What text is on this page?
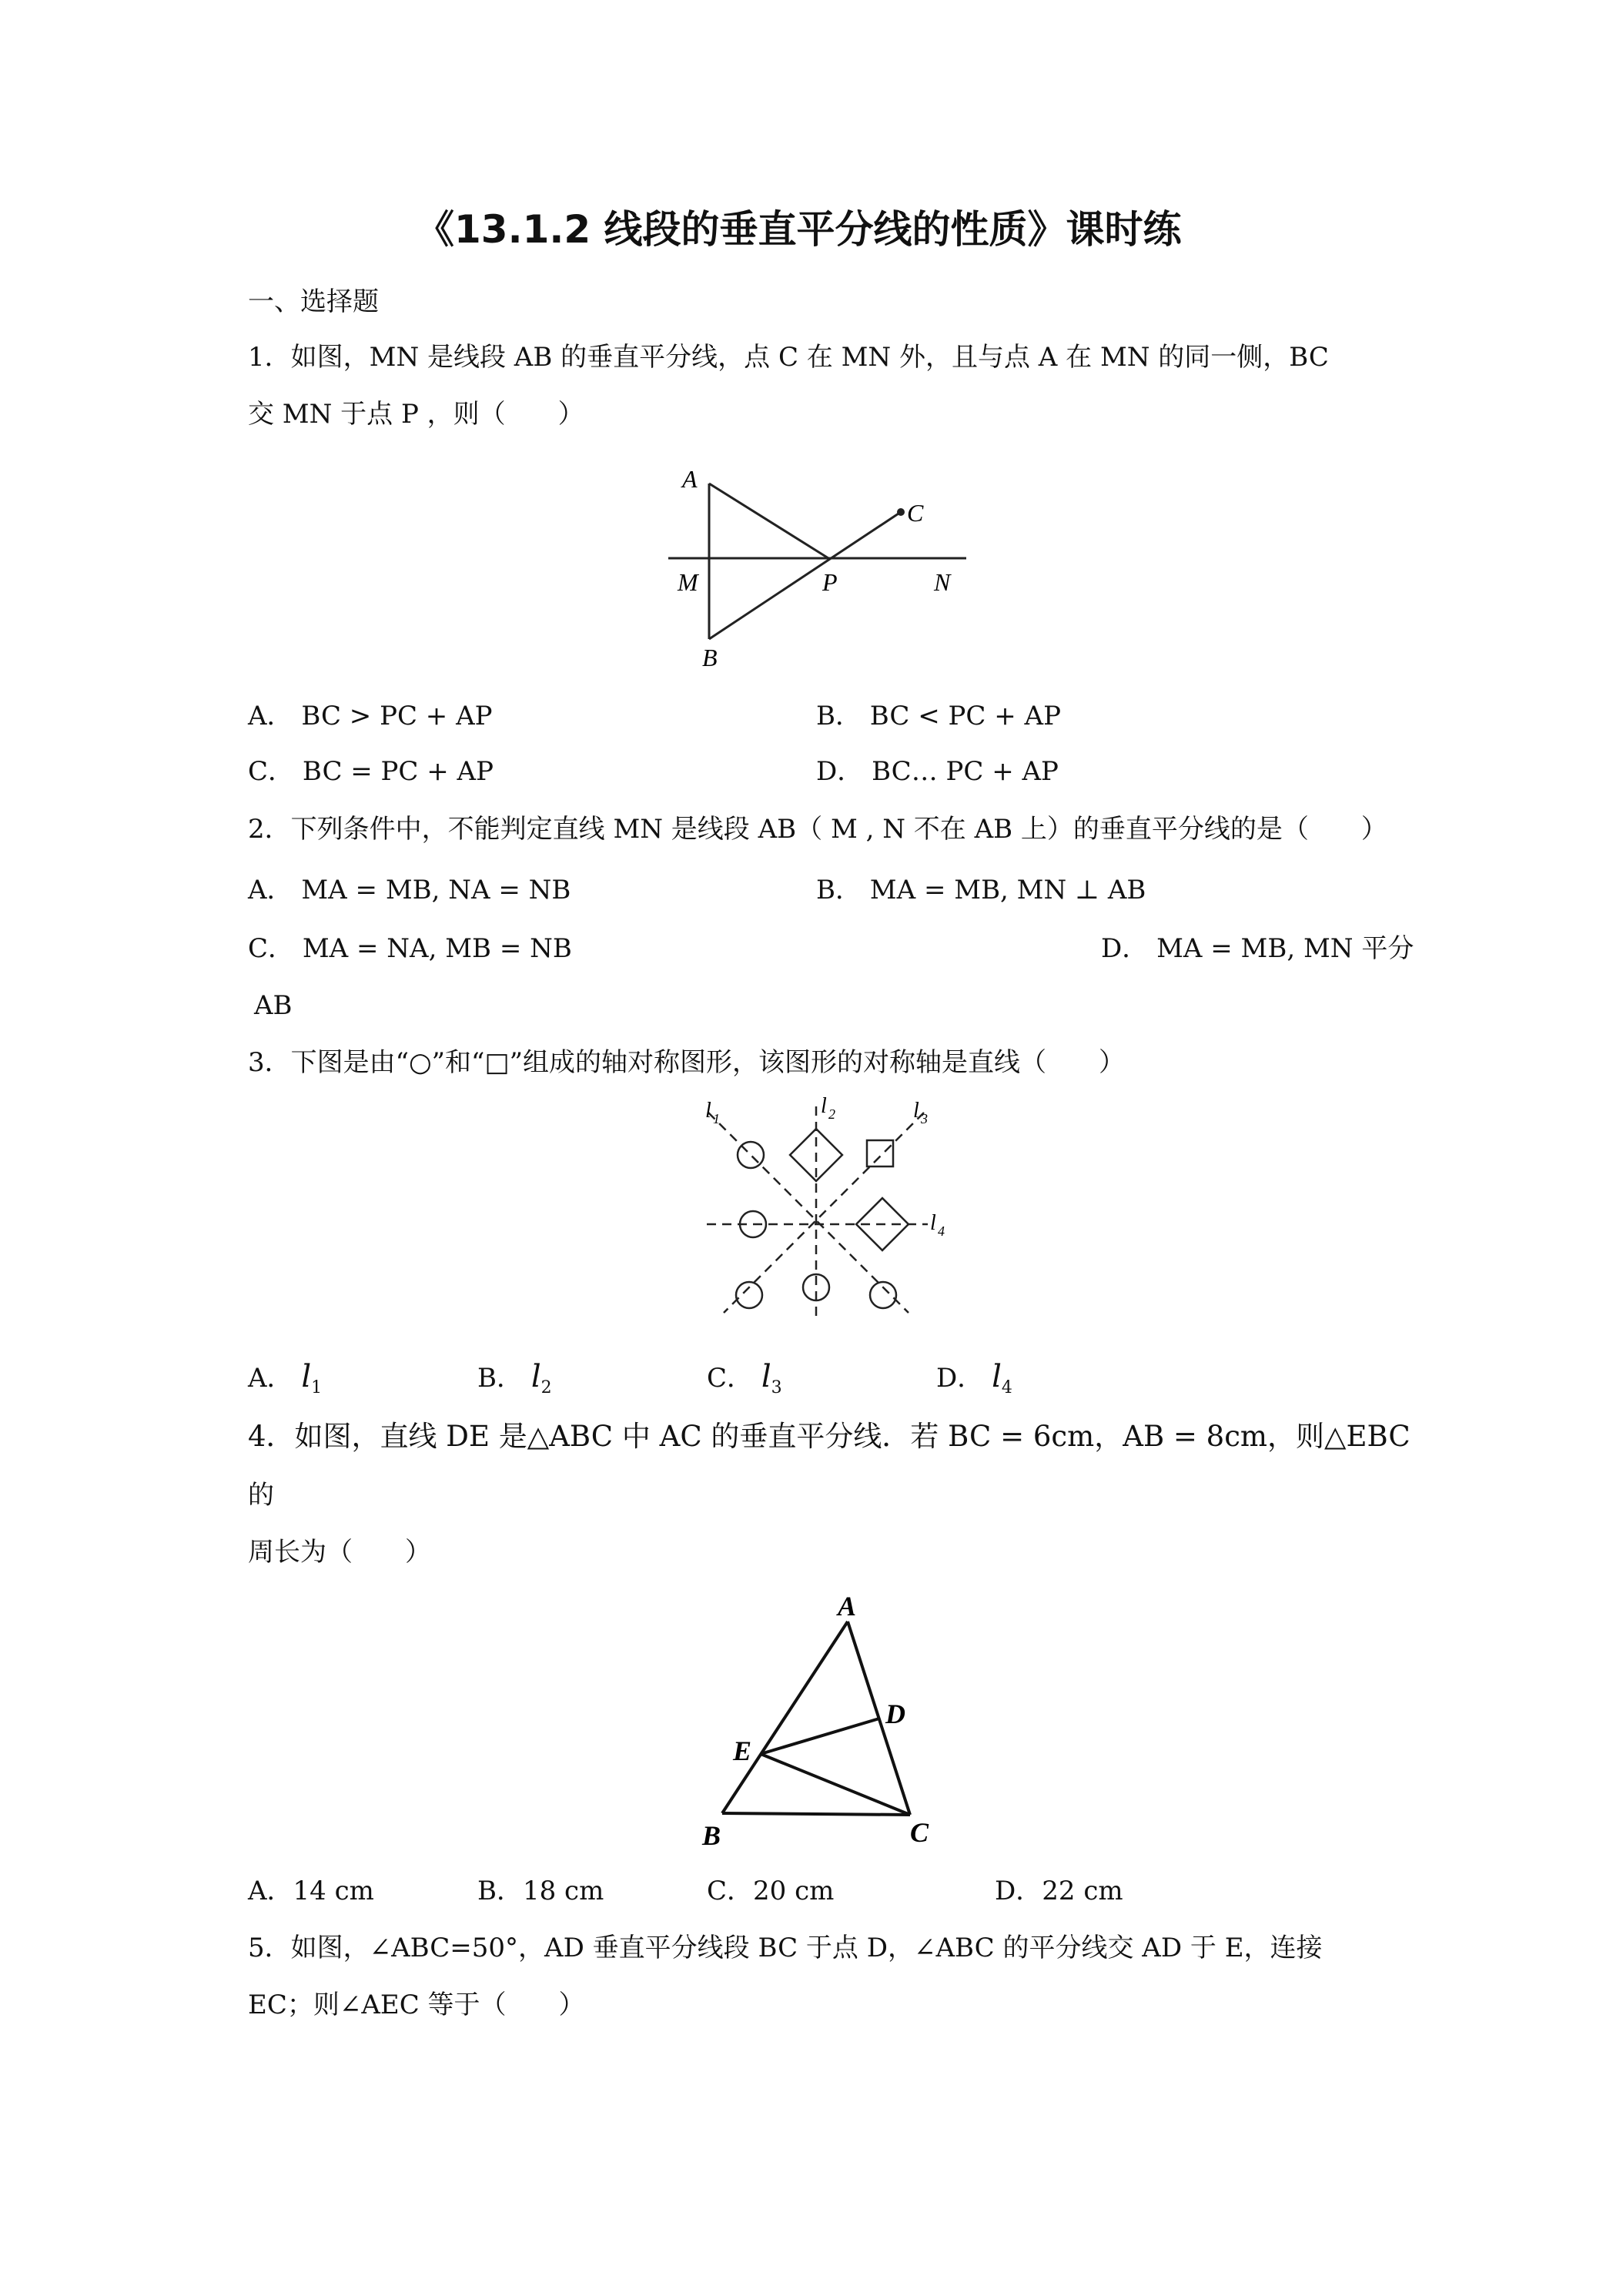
《13.1.2 线段的垂直平分线的性质》课时练
一、选择题
1．如图，MN 是线段 AB 的垂直平分线，点 C 在 MN 外，且与点 A 在 MN 的同一侧，BC
交 MN 于点 P ，则（　　）
A
C
M	P	N
B
A． BC > PC + AP	B． BC < PC + AP
C． BC = PC + AP	D． BC… PC + AP
2．下列条件中，不能判定直线 MN 是线段 AB（ M , N 不在 AB 上）的垂直平分线的是（　　）
A． MA = MB, NA = NB	B． MA = MB, MN ⊥ AB
C． MA = NA, MB = NB	D． MA = MB, MN 平分
AB
3．下图是由“○”和“□”组成的轴对称图形，该图形的对称轴是直线（　　）
l 1
l 2	l 3
l 4
A． $l_1$	B． $l_2$	C． $l_3$	D． $l_4$
4．如图，直线 DE 是△ABC 中 AC 的垂直平分线．若 BC = 6cm，AB = 8cm，则△EBC
的
周长为（　　）
A
D
E
B	C
A．14 cm	B．18 cm	C．20 cm	D．22 cm
5．如图，∠ABC=50°，AD 垂直平分线段 BC 于点 D，∠ABC 的平分线交 AD 于 E，连接
EC；则∠AEC 等于（　　）
